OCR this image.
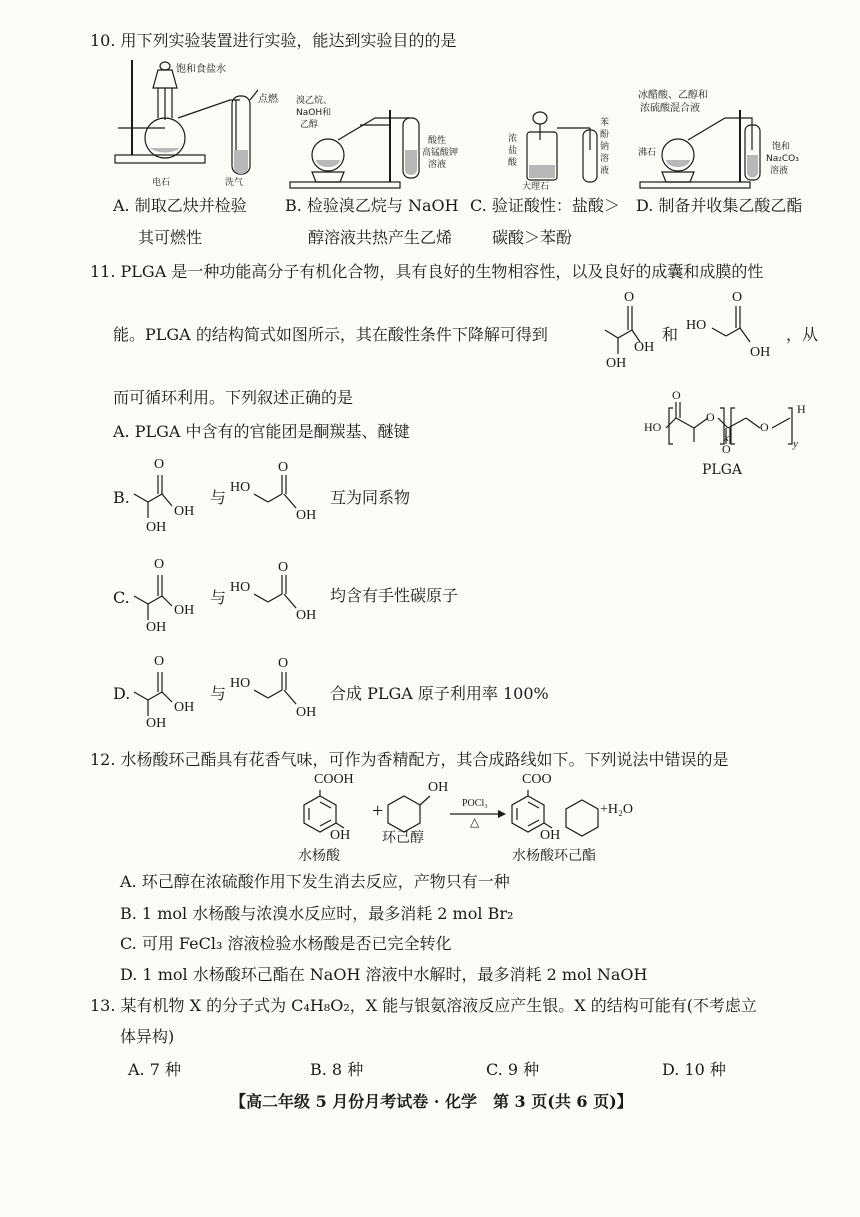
10. 用下列实验装置进行实验，能达到实验目的的是
饱和食盐水
点燃
电石	洗气
溴乙烷、
NaOH和
乙醇
酸性
高锰酸钾
溶液
浓
盐
酸
大理石
苯
酚
钠
溶
液
冰醋酸、乙醇和
浓硫酸混合液
沸石
饱和
Na₂CO₃
溶液
A. 制取乙炔并检验
其可燃性
B. 检验溴乙烷与 NaOH
醇溶液共热产生乙烯
C. 验证酸性：盐酸＞
碳酸＞苯酚
D. 制备并收集乙酸乙酯
11. PLGA 是一种功能高分子有机化合物，具有良好的生物相容性，以及良好的成囊和成膜的性
能。PLGA 的结构简式如图所示，其在酸性条件下降解可得到	和	，从
O
OH
OH
HO
O
OH
而可循环利用。下列叙述正确的是
HO
O
O
O
O
H
x	y
PLGA
A. PLGA 中含有的官能团是酮羰基、醚键
B.
O
OH
OH
与
HO
O
OH
互为同系物
C.
O
OH
OH
与
HO
O
OH
均含有手性碳原子
D.
O
OH
OH
与
HO
O
OH
合成 PLGA 原子利用率 100%
12. 水杨酸环己酯具有花香气味，可作为香精配方，其合成路线如下。下列说法中错误的是
COOH
OH
+
OH
POCl₃
△
COO
OH
+H₂O
水杨酸
环己醇
水杨酸环己酯
A. 环己醇在浓硫酸作用下发生消去反应，产物只有一种
B. 1 mol 水杨酸与浓溴水反应时，最多消耗 2 mol Br₂
C. 可用 FeCl₃ 溶液检验水杨酸是否已完全转化
D. 1 mol 水杨酸环己酯在 NaOH 溶液中水解时，最多消耗 2 mol NaOH
13. 某有机物 X 的分子式为 C₄H₈O₂，X 能与银氨溶液反应产生银。X 的结构可能有(不考虑立
体异构)
A. 7 种	B. 8 种	C. 9 种	D. 10 种
【高二年级 5 月份月考试卷 · 化学　第 3 页(共 6 页)】
